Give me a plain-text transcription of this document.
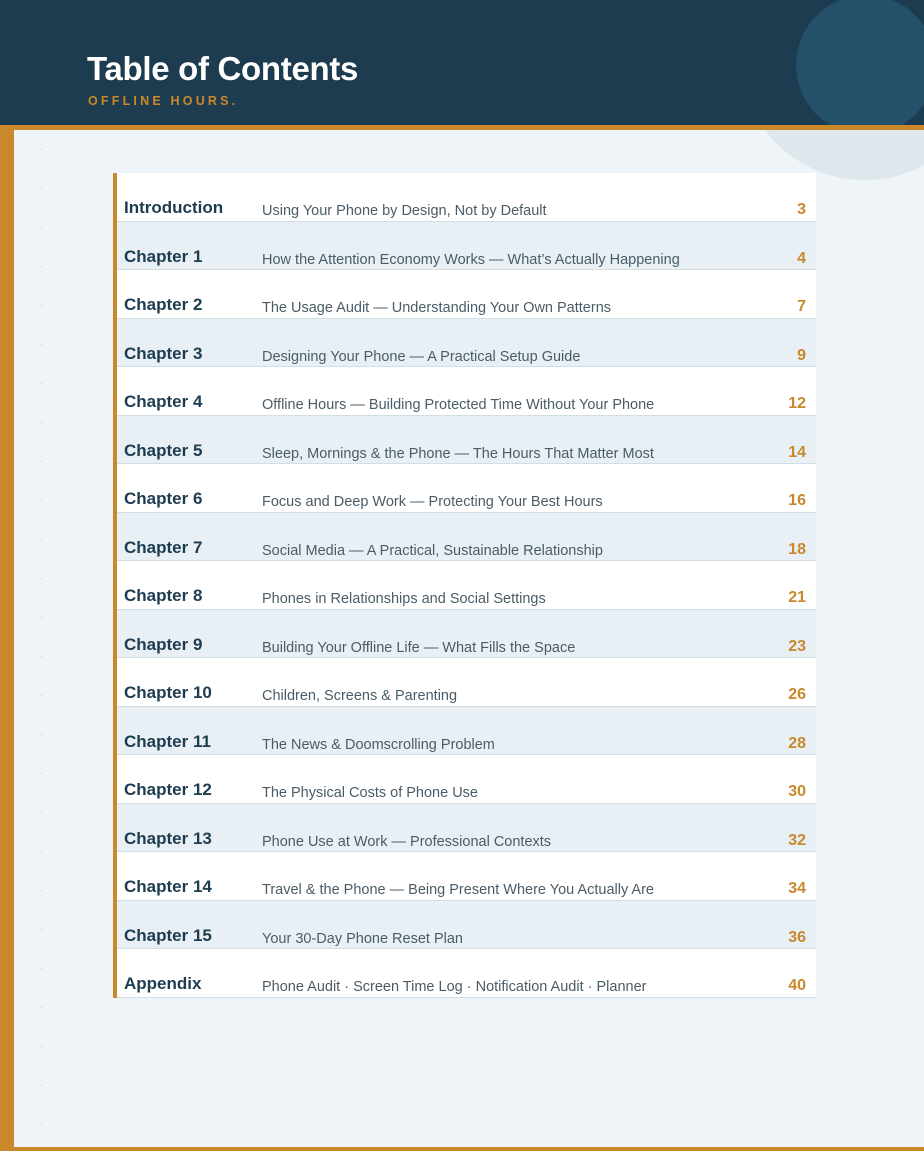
Table of Contents
OFFLINE HOURS.
Introduction	Using Your Phone by Design, Not by Default	3
Chapter 1	How the Attention Economy Works — What’s Actually Happening	4
Chapter 2	The Usage Audit — Understanding Your Own Patterns	7
Chapter 3	Designing Your Phone — A Practical Setup Guide	9
Chapter 4	Offline Hours — Building Protected Time Without Your Phone	12
Chapter 5	Sleep, Mornings & the Phone — The Hours That Matter Most	14
Chapter 6	Focus and Deep Work — Protecting Your Best Hours	16
Chapter 7	Social Media — A Practical, Sustainable Relationship	18
Chapter 8	Phones in Relationships and Social Settings	21
Chapter 9	Building Your Offline Life — What Fills the Space	23
Chapter 10	Children, Screens & Parenting	26
Chapter 11	The News & Doomscrolling Problem	28
Chapter 12	The Physical Costs of Phone Use	30
Chapter 13	Phone Use at Work — Professional Contexts	32
Chapter 14	Travel & the Phone — Being Present Where You Actually Are	34
Chapter 15	Your 30-Day Phone Reset Plan	36
Appendix	Phone Audit · Screen Time Log · Notification Audit · Planner	40
